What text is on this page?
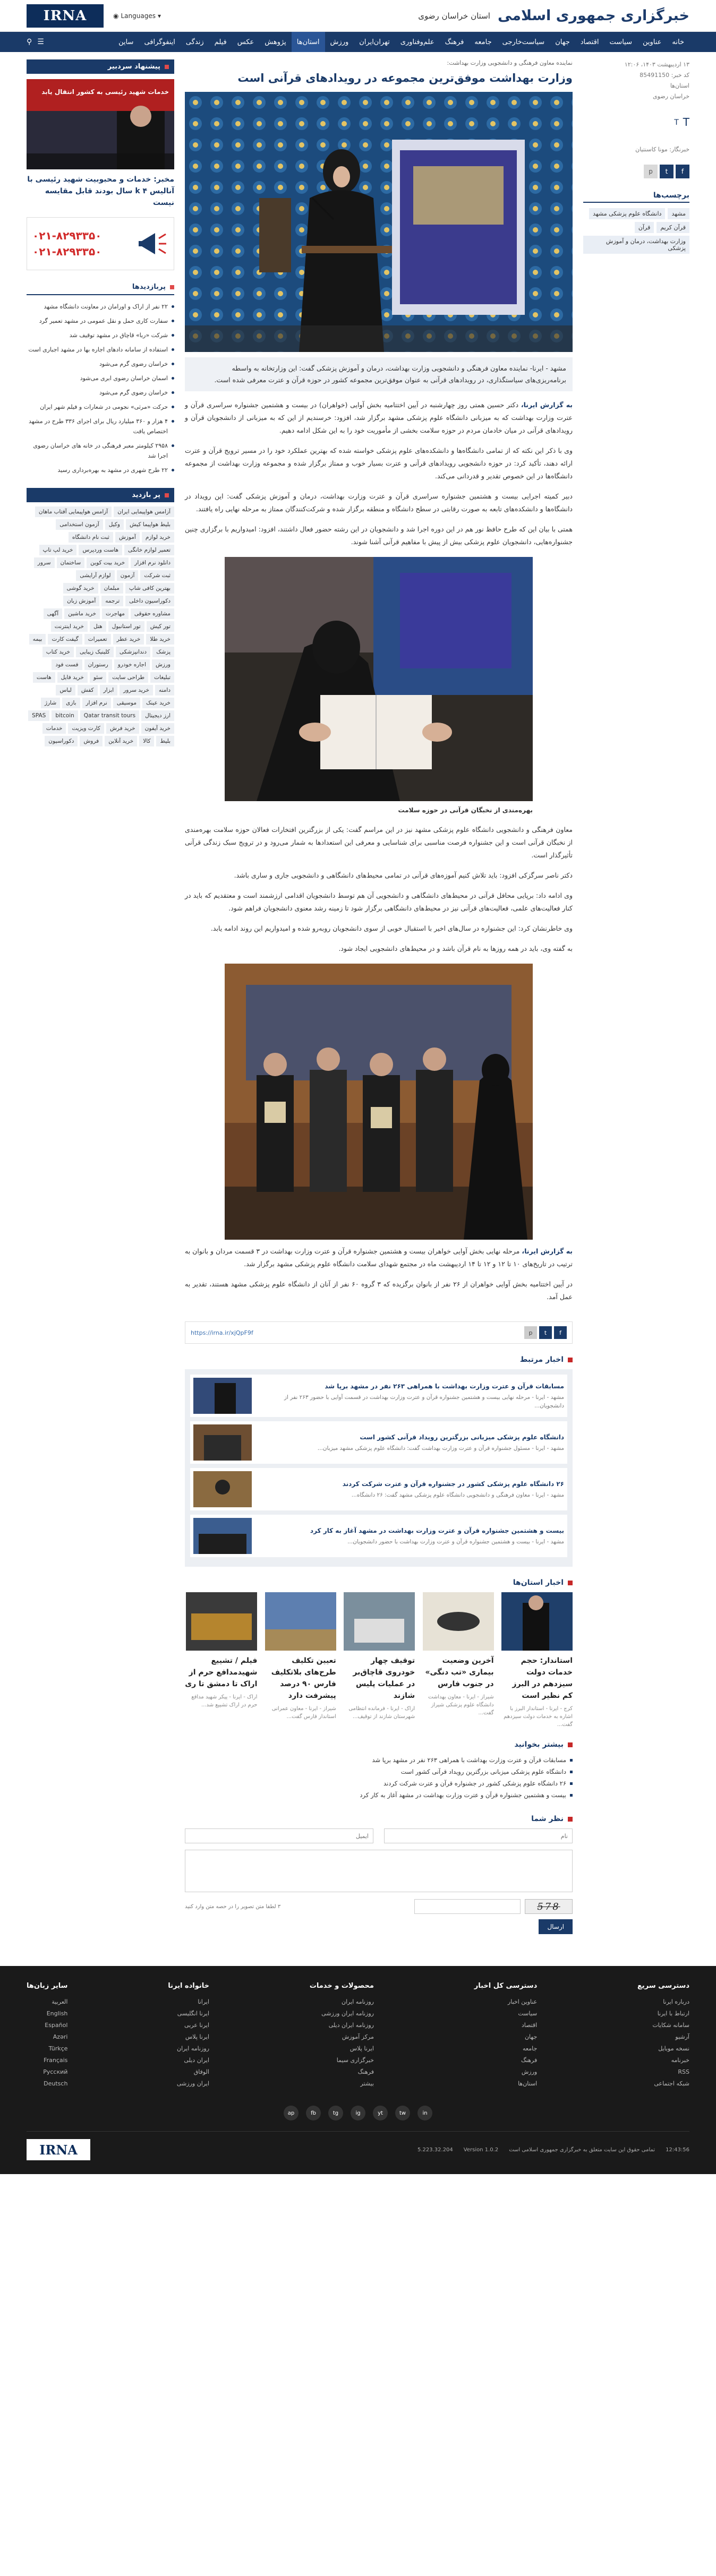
خبرگزاری جمهوری اسلامی
استان خراسان رضوی
IRNA	◉ Languages ▾
خانه
عناوین
سیاست
اقتصاد
جهان
سیاست‌خارجی
جامعه
فرهنگ
علم‌وفناوری
تهران‌ایران
ورزش
استان‌ها
پژوهش
عکس
فیلم
زندگی
اینفوگرافی
ساین
⚲ ☰
۱۳ اردیبهشت ۱۴۰۳، ۱۲:۰۶
کد خبر: 85491150
استان‌ها
خراسان رضوی
T
T
خبرنگار: مونا کاسنتیان
f
t
p
برچسب‌ها
مشهد
دانشگاه علوم پزشکی مشهد
قرآن کریم
قرآن
وزارت بهداشت، درمان و آموزش پزشکی
نماینده معاون فرهنگی و دانشجویی وزارت بهداشت:
وزارت بهداشت موفق‌ترین مجموعه در رویدادهای قرآنی است
مشهد - ایرنا- نماینده معاون فرهنگی و دانشجویی وزارت بهداشت، درمان و آموزش پزشکی گفت: این وزارتخانه به واسطه برنامه‌ریزی‌های سیاستگذاری، در رویدادهای قرآنی به عنوان موفق‌ترین مجموعه کشور در حوزه قرآن و عترت معرفی شده است.

به گزارش ایرنا، دکتر حسین همتی روز چهارشنبه در آیین اختتامیه بخش آوایی (خواهران) در بیست و هشتمین جشنواره سراسری قرآن و عترت وزارت بهداشت که به میزبانی دانشگاه علوم پزشکی مشهد برگزار شد، افزود: خرسندیم از این که به میزبانی از دانشجویان قرآن و رویدادهای قرآنی در میان خادمان مردم در حوزه سلامت بخشی از مأموریت خود را به این شکل ادامه دهیم.

وی با ذکر این نکته که از تمامی دانشگاه‌ها و دانشکده‌های علوم پزشکی خواسته شده که بهترین عملکرد خود را در مسیر ترویج قرآن و عترت ارائه دهند، تأکید کرد: در حوزه دانشجویی رویدادهای قرآنی و عترت بسیار خوب و ممتاز برگزار شده و مجموعه وزارت بهداشت از مجموعه دانشگاه‌ها در این خصوص تقدیر و قدردانی می‌کند.

دبیر کمیته اجرایی بیست و هشتمین جشنواره سراسری قرآن و عترت وزارت بهداشت، درمان و آموزش پزشکی گفت: این رویداد در دانشگاه‌ها و دانشکده‌های تابعه به صورت رقابتی در سطح دانشگاه و منطقه برگزار شده و شرکت‌کنندگان ممتاز به مرحله نهایی راه یافتند.

همتی با بیان این که طرح حافظ نور هم در این دوره اجرا شد و دانشجویان در این رشته حضور فعال داشتند، افزود: امیدواریم با برگزاری چنین جشنواره‌هایی، دانشجویان علوم پزشکی بیش از پیش با مفاهیم قرآنی آشنا شوند.

بهره‌مندی از نخبگان قرآنی در حوزه سلامت

معاون فرهنگی و دانشجویی دانشگاه علوم پزشکی مشهد نیز در این مراسم گفت: یکی از بزرگترین افتخارات فعالان حوزه سلامت بهره‌مندی از نخبگان قرآنی است و این جشنواره فرصت مناسبی برای شناسایی و معرفی این استعدادها به شمار می‌رود و در ترویج سبک زندگی قرآنی تأثیرگذار است.

دکتر ناصر سرگزکی افزود: باید تلاش کنیم آموزه‌های قرآنی در تمامی محیط‌های دانشگاهی و دانشجویی جاری و ساری باشد.

وی ادامه داد: برپایی محافل قرآنی در محیط‌های دانشگاهی و دانشجویی آن هم توسط دانشجویان اقدامی ارزشمند است و معتقدیم که باید در کنار فعالیت‌های علمی، فعالیت‌های قرآنی نیز در محیط‌های دانشگاهی برگزار شود تا زمینه رشد معنوی دانشجویان فراهم شود.

وی خاطرنشان کرد: این جشنواره در سال‌های اخیر با استقبال خوبی از سوی دانشجویان روبه‌رو شده و امیدواریم این روند ادامه یابد.

به گفته وی، باید در همه روزها به نام قرآن باشد و در محیط‌های دانشجویی ایجاد شود.

به گزارش ایرنا، مرحله نهایی بخش آوایی خواهران بیست و هشتمین جشنواره قرآن و عترت وزارت بهداشت در ۳ قسمت مردان و بانوان به ترتیب در تاریخ‌های ۱۰ تا ۱۲ و ۱۲ تا ۱۴ اردیبهشت ماه در مجتمع شهدای سلامت دانشگاه علوم پزشکی مشهد برگزار شد.

در آیین اختتامیه بخش آوایی خواهران از ۲۶ نفر از بانوان برگزیده که ۳ گروه ۶۰ نفر از آنان از دانشگاه علوم پزشکی مشهد هستند، تقدیر به عمل آمد.

f
t
p
https://irna.ir/xjQpF9f
اخبار مرتبط
مسابقات قرآن و عترت وزارت بهداشت با همراهی ۲۶۳ نفر در مشهد برپا شد
مشهد - ایرنا - مرحله نهایی بیست و هشتمین جشنواره قرآن و عترت وزارت بهداشت در قسمت آوایی با حضور ۲۶۳ نفر از دانشجویان...
دانشگاه علوم پزشکی میزبانی بزرگترین رویداد قرآنی کشور است
مشهد - ایرنا - مسئول جشنواره قرآن و عترت وزارت بهداشت گفت: دانشگاه علوم پزشکی مشهد میزبان...
۲۶ دانشگاه علوم پزشکی کشور در جشنواره قرآن و عترت شرکت کردند
مشهد - ایرنا - معاون فرهنگی و دانشجویی دانشگاه علوم پزشکی مشهد گفت: ۲۶ دانشگاه...
بیست و هشتمین جشنواره قرآن و عترت وزارت بهداشت در مشهد آغاز به کار کرد
مشهد - ایرنا - بیست و هشتمین جشنواره قرآن و عترت وزارت بهداشت با حضور دانشجویان...
اخبار استان‌ها
استاندار: حجم خدمات دولت سیزدهم در البرز کم نظیر است
کرج - ایرنا - استاندار البرز با اشاره به خدمات دولت سیزدهم گفت...
آخرین وضعیت بیماری «تب دنگی» در جنوب فارس
شیراز - ایرنا - معاون بهداشت دانشگاه علوم پزشکی شیراز گفت...
توقیف چهار خودروی قاچاق‌بر در عملیات پلیس شازند
اراک - ایرنا - فرمانده انتظامی شهرستان شازند از توقیف...
تعیین تکلیف طرح‌های بلاتکلیف فارس ۹۰ درصد پیشرفت دارد
شیراز - ایرنا - معاون عمرانی استاندار فارس گفت...
فیلم / تشییع شهیدمدافع حرم از اراک تا دمشق تا ری
اراک - ایرنا - پیکر شهید مدافع حرم در اراک تشییع شد...
بیشتر بخوانید
مسابقات قرآن و عترت وزارت بهداشت با همراهی ۲۶۳ نفر در مشهد برپا شد
دانشگاه علوم پزشکی میزبانی بزرگترین رویداد قرآنی کشور است
۲۶ دانشگاه علوم پزشکی کشور در جشنواره قرآن و عترت شرکت کردند
بیست و هشتمین جشنواره قرآن و عترت وزارت بهداشت در مشهد آغاز به کار کرد
نظر شما
نام
ایمیل
578
۳ لطفا متن تصویر را در حصه متن وارد کنید
ارسال
پیشنهاد سردبیر
خدمات شهید رئیسی به کشور انتقال یابد
مخبر: خدمات و محبوبیت شهید رئیسی با آنالیس k ۴ سال بودند قابل مقایسه نیست
۰۲۱-۸۲۹۳۳۵۰
۰۲۱-۸۲۹۳۳۵۰
پربازدیدها
۲۲ نفر از اراک و اورامان در معاونت دانشگاه مشهد
سفارت کاری حمل و نقل عمومی در مشهد تعمیر گرد
شرکت «ربا» قاچاق در مشهد توقیف شد
استفاده از سامانه دادهای اجاره بها در مشهد اجباری است
خراسان رضوی گرم می‌شود
اسمان خراسان رضوی ابری می‌شود
خراسان رضوی گرم می‌شود
حرکت «مرثی» نجومی در شعارات و فیلم شهر ایران
۴ هزار و ۳۶۰ میلیارد ریال برای اجرای ۳۳۶ طرح در مشهد اختصاص یافت
۲۹۵۸ کیلومتر معبر فرهنگی در خانه های خراسان رضوی اجرا شد
۲۲ طرح شهری در مشهد به بهره‌برداری رسید
پر بازدید
آزامس هواپیمایی ایران
آزامس هواپیمایی آفتاب ماهان
بلیط هواپیما کیش
وکیل
آزمون استخدامی
خرید لوازم
آموزش
ثبت نام دانشگاه
تعمیر لوازم خانگی
هاست وردپرس
خرید لپ تاپ
دانلود نرم افزار
خرید بیت کوین
ساختمان
سرور
ثبت شرکت
آزمون
لوازم آرایشی
بهترین کافی شاپ
مبلمان
خرید گوشی
دکوراسیون داخلی
ترجمه
آموزش زبان
مشاوره حقوقی
مهاجرت
خرید ماشین
آگهی
تور کیش
تور استانبول
هتل
خرید اینترنت
خرید طلا
خرید عطر
تعمیرات
گیفت کارت
بیمه
پزشک
دندانپزشکی
کلینیک زیبایی
خرید کتاب
ورزش
اجاره خودرو
رستوران
فست فود
تبلیغات
طراحی سایت
سئو
خرید فایل
هاست
دامنه
خرید سرور
ابزار
کفش
لباس
خرید عینک
موسیقی
نرم افزار
بازی
شارژ
ارز دیجیتال
Qatar transit tours
bitcoin
SPAS
خرید آیفون
خرید فرش
کارت ویزیت
خدمات
بلیط
کالا
خرید آنلاین
فروش
دکوراسیون
دسترسی سریع
درباره ایرنا
ارتباط با ایرنا
سامانه شکایات
آرشیو
نسخه موبایل
خبرنامه
RSS
شبکه اجتماعی
دسترسی کل اخبار
عناوین اخبار
سیاست
اقتصاد
جهان
جامعه
فرهنگ
ورزش
استان‌ها
محصولات و خدمات
روزنامه ایران
روزنامه ایران ورزشی
روزنامه ایران دیلی
مرکز آموزش
ایرنا پلاس
خبرگزاری سیما
فرهنگ
بیشتر
خانواده ایرنا
ایرانا
ایرنا انگلیسی
ایرنا عربی
ایرنا پلاس
روزنامه ایران
ایران دیلی
الوفاق
ایران ورزشی
سایر زبان‌ها
العربیة
English
Español
Azəri
Türkçe
Français
Русский
Deutsch
in
tw
yt
ig
tg
fb
ap
5.223.32.204 Version 1.0.2 تمامی حقوق این سایت متعلق به خبرگزاری جمهوری اسلامی است 12:43:56
IRNA
